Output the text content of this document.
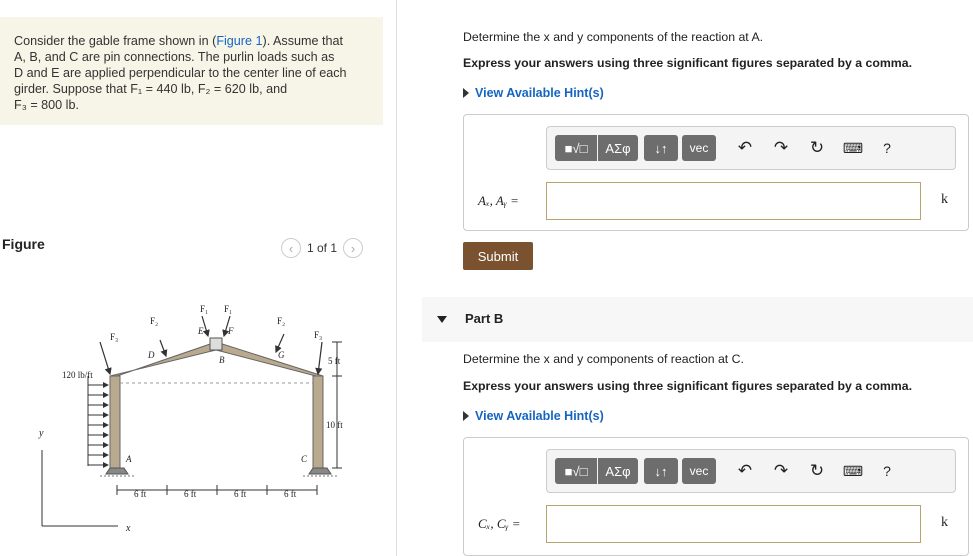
Consider the gable frame shown in (Figure 1). Assume that
A, B, and C are pin connections. The purlin loads such as
D and E are applied perpendicular to the center line of each
girder. Suppose that F₁ = 440 lb, F₂ = 620 lb, and
F₃ = 800 lb.
Figure	‹ 1 of 1 ›
F₂
F₁ F₁
F₂
F₃	F₃
D
E	F
B	G
A	C
120 lb/ft
5 ft
10 ft
6 ft	6 ft	6 ft	6 ft
y
x
Determine the x and y components of the reaction at A.
Express your answers using three significant figures separated by a comma.
View Available Hint(s)
■√□	ΑΣφ	↓↑	vec	↶ ↷ ↻ ⌨	?
Aₓ, Aᵧ =	k
Submit
Part B
Determine the x and y components of reaction at C.
Express your answers using three significant figures separated by a comma.
View Available Hint(s)
■√□	ΑΣφ	↓↑	vec	↶ ↷ ↻ ⌨	?
Cₓ, Cᵧ =	k
